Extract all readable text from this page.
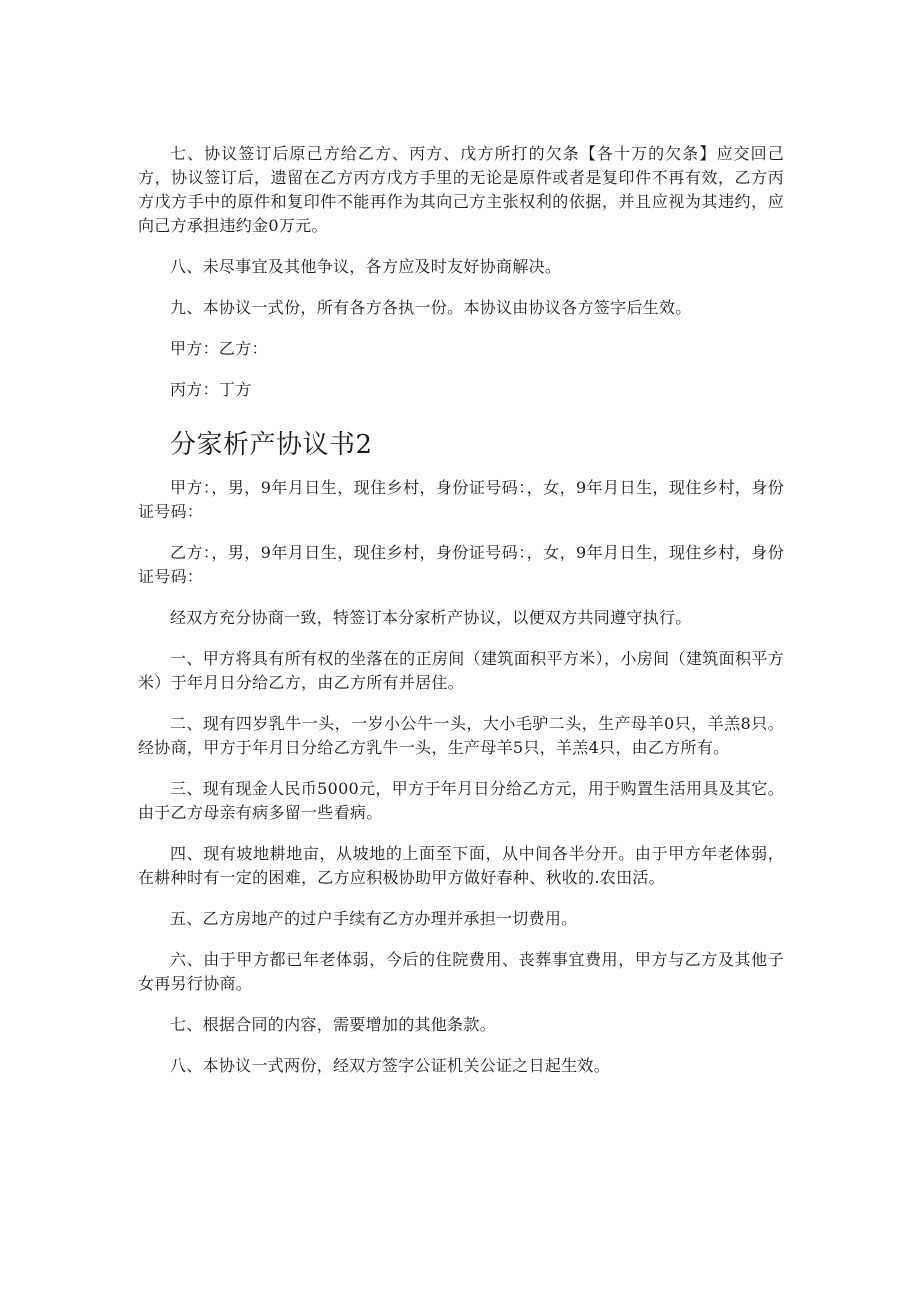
七、协议签订后原己方给乙方、丙方、戊方所打的欠条【各十万的欠条】应交回己方，协议签订后，遗留在乙方丙方戊方手里的无论是原件或者是复印件不再有效，乙方丙方戊方手中的原件和复印件不能再作为其向己方主张权利的依据，并且应视为其违约，应向己方承担违约金0万元。

八、未尽事宜及其他争议，各方应及时友好协商解决。

九、本协议一式份，所有各方各执一份。本协议由协议各方签字后生效。

甲方：乙方：

丙方：丁方

分家析产协议书2

甲方：，男，9年月日生，现住乡村，身份证号码：，女，9年月日生，现住乡村，身份证号码：

乙方：，男，9年月日生，现住乡村，身份证号码：，女，9年月日生，现住乡村，身份证号码：

经双方充分协商一致，特签订本分家析产协议，以便双方共同遵守执行。

一、甲方将具有所有权的坐落在的正房间（建筑面积平方米），小房间（建筑面积平方米）于年月日分给乙方，由乙方所有并居住。

二、现有四岁乳牛一头，一岁小公牛一头，大小毛驴二头，生产母羊0只，羊羔8只。经协商，甲方于年月日分给乙方乳牛一头，生产母羊5只，羊羔4只，由乙方所有。

三、现有现金人民币5000元，甲方于年月日分给乙方元，用于购置生活用具及其它。由于乙方母亲有病多留一些看病。

四、现有坡地耕地亩，从坡地的上面至下面，从中间各半分开。由于甲方年老体弱，在耕种时有一定的困难，乙方应积极协助甲方做好春种、秋收的.农田活。

五、乙方房地产的过户手续有乙方办理并承担一切费用。

六、由于甲方都已年老体弱，今后的住院费用、丧葬事宜费用，甲方与乙方及其他子女再另行协商。

七、根据合同的内容，需要增加的其他条款。

八、本协议一式两份，经双方签字公证机关公证之日起生效。
